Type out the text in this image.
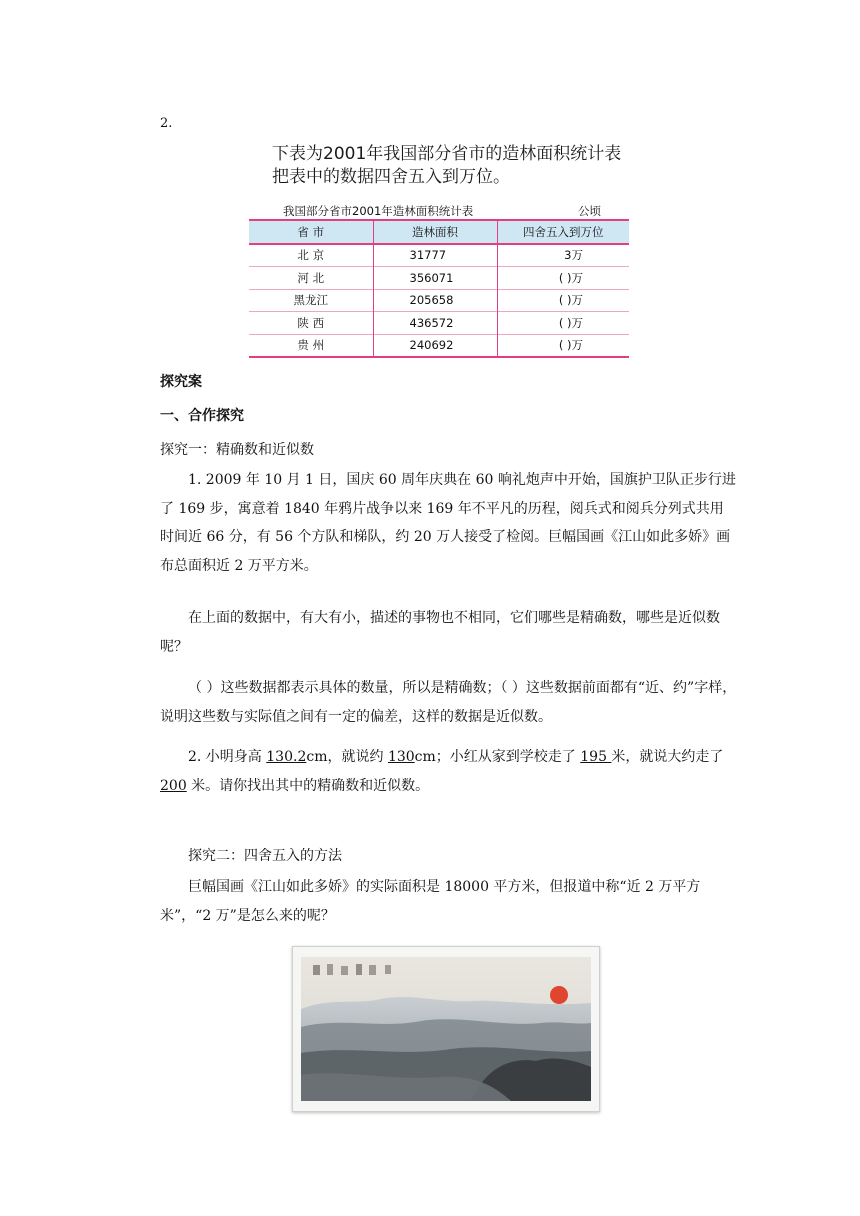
2.
下表为2001年我国部分省市的造林面积统计表
把表中的数据四舍五入到万位。
我国部分省市2001年造林面积统计表	公顷
省 市	造林面积	四舍五入到万位
北 京	31777	3万
河 北	356071	( )万
黑龙江	205658	( )万
陕 西	436572	( )万
贵 州	240692	( )万
探究案
一、合作探究
探究一：精确数和近似数
1. 2009 年 10 月 1 日，国庆 60 周年庆典在 60 响礼炮声中开始，国旗护卫队正步行进了 169 步，寓意着 1840 年鸦片战争以来 169 年不平凡的历程，阅兵式和阅兵分列式共用时间近 66 分，有 56 个方队和梯队，约 20 万人接受了检阅。巨幅国画《江山如此多娇》画布总面积近 2 万平方米。
在上面的数据中，有大有小，描述的事物也不相同，它们哪些是精确数，哪些是近似数呢？
（ ）这些数据都表示具体的数量，所以是精确数；（ ）这些数据前面都有“近、约”字样，说明这些数与实际值之间有一定的偏差，这样的数据是近似数。
2. 小明身高 130.2cm，就说约 130cm；小红从家到学校走了 195 米，就说大约走了 200 米。请你找出其中的精确数和近似数。
探究二：四舍五入的方法
巨幅国画《江山如此多娇》的实际面积是 18000 平方米，但报道中称“近 2 万平方米”，“2 万”是怎么来的呢？
